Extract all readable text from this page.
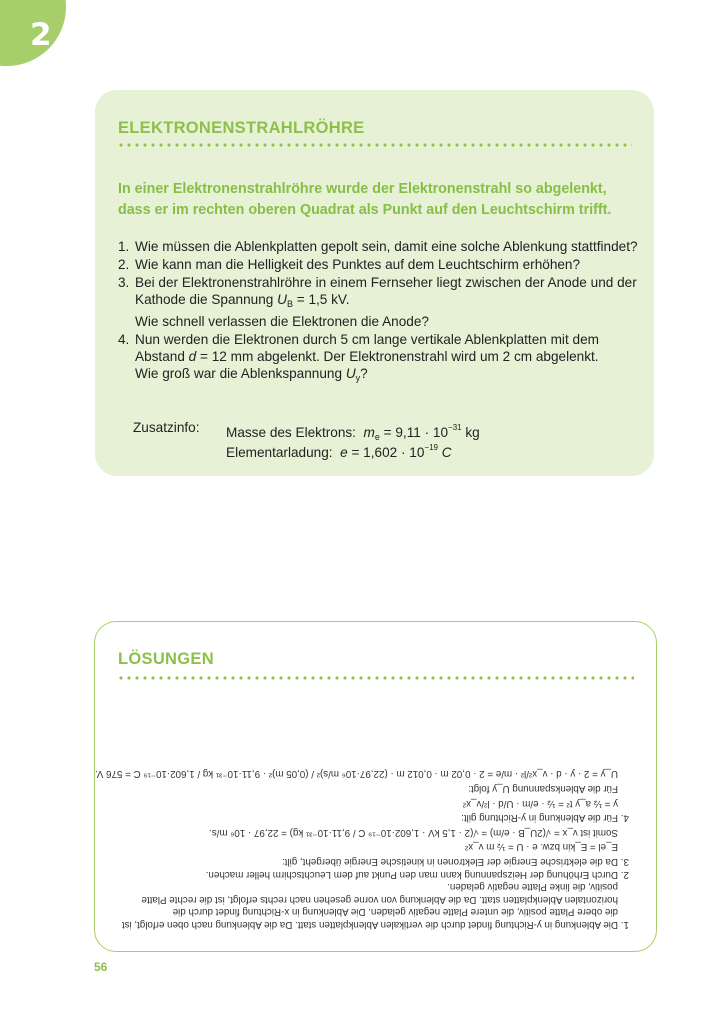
2
ELEKTRONENSTRAHLRÖHRE
In einer Elektronenstrahlröhre wurde der Elektronenstrahl so abgelenkt, dass er im rechten oberen Quadrat als Punkt auf den Leuchtschirm trifft.
1. Wie müssen die Ablenkplatten gepolt sein, damit eine solche Ablenkung stattfindet?
2. Wie kann man die Helligkeit des Punktes auf dem Leuchtschirm erhöhen?
3. Bei der Elektronenstrahlröhre in einem Fernseher liegt zwischen der Anode und der Kathode die Spannung $U_B = 1,5$ kV.
Wie schnell verlassen die Elektronen die Anode?
4. Nun werden die Elektronen durch 5 cm lange vertikale Ablenkplatten mit dem Abstand d = 12 mm abgelenkt. Der Elektronenstrahl wird um 2 cm abgelenkt.
Wie groß war die Ablenkspannung $U_y$?
Zusatzinfo: Masse des Elektrons: $m_e = 9,11 \cdot 10^{-31}$ kg
Elementarladung: $e = 1,602 \cdot 10^{-19}$ C
LÖSUNGEN
1.
Die Ablenkung in y-Richtung findet durch die vertikalen Ablenkplatten statt. Da die Ablenkung nach oben erfolgt, ist die obere Platte positiv, die untere Platte negativ geladen. Die Ablenkung in x-Richtung findet durch die horizontalen Ablenkplatten statt. Da die Ablenkung von vorne gesehen nach rechts erfolgt, ist die rechte Platte positiv, die linke Platte negativ geladen.
2.
Durch Erhöhung der Heizspannung kann man den Punkt auf dem Leuchtschirm heller machen.
3.
Da die elektrische Energie der Elektronen in kinetische Energie übergeht, gilt:
E_el = E_kin bzw. e · U = ½ m v_x²
Somit ist v_x = √(2U_B · e/m) = √(2 · 1,5 kV · 1,602·10⁻¹⁹ C / 9,11·10⁻³¹ kg) = 22,97 · 10⁶ m/s.
4.
Für die Ablenkung in y-Richtung gilt:
y = ½ a_y t² = ½ · e/m · U/d · l²/v_x²
Für die Ablenkspannung U_y folgt:
U_y = 2 · y · d · v_x²/l² · m/e = 2 · 0,02 m · 0,012 m · (22,97·10⁶ m/s)² / (0,05 m)² · 9,11·10⁻³¹ kg / 1,602·10⁻¹⁹ C = 576 V.
56
